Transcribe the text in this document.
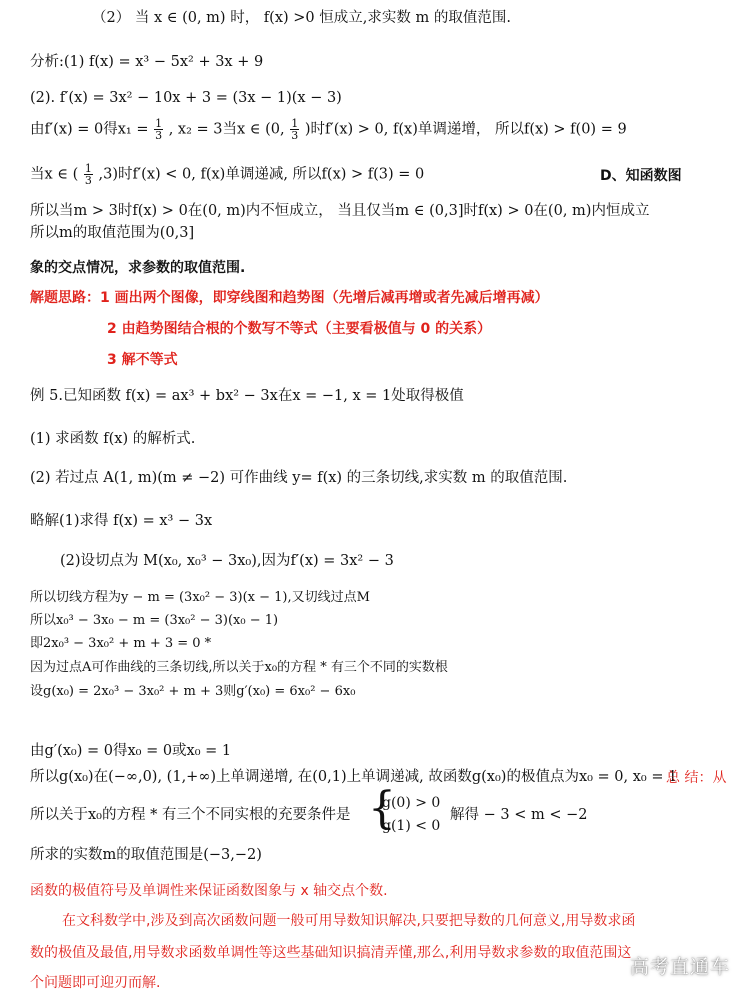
（2） 当 x ∈ (0, m) 时， f(x) >0 恒成立,求实数 m 的取值范围.
分析:(1) f(x) = x³ − 5x² + 3x + 9
(2). f′(x) = 3x² − 10x + 3 = (3x − 1)(x − 3)
由f′(x) = 0得$x_1 = \frac{1}{3}$ , x₂ = 3当x ∈ (0, $\frac{1}{3}$ )时f′(x) > 0, f(x)单调递增， 所以f(x) > f(0) = 9
当x ∈ ( $\frac{1}{3} ,3$)时f′(x) < 0, f(x)单调递减, 所以f(x) > f(3) = 0	D、知函数图
所以当m > 3时f(x) > 0在(0, m)内不恒成立， 当且仅当m ∈ (0,3]时f(x) > 0在(0, m)内恒成立
所以m的取值范围为(0,3]
象的交点情况，求参数的取值范围.
解题思路：1 画出两个图像，即穿线图和趋势图（先增后减再增或者先减后增再减）
2 由趋势图结合根的个数写不等式（主要看极值与 0 的关系）
3 解不等式
例 5.已知函数 f(x) = ax³ + bx² − 3x在x = −1, x = 1处取得极值
(1) 求函数 f(x) 的解析式.
(2) 若过点 A(1, m)(m ≠ −2) 可作曲线 y= f(x) 的三条切线,求实数 m 的取值范围.
略解(1)求得 f(x) = x³ − 3x
(2)设切点为 M(x₀, x₀³ − 3x₀),因为f′(x) = 3x² − 3
所以切线方程为y − m = (3x₀² − 3)(x − 1),又切线过点M
所以x₀³ − 3x₀ − m = (3x₀² − 3)(x₀ − 1)
即2x₀³ − 3x₀² + m + 3 = 0 *
因为过点A可作曲线的三条切线,所以关于x₀的方程 * 有三个不同的实数根
设g(x₀) = 2x₀³ − 3x₀² + m + 3则g′(x₀) = 6x₀² − 6x₀
由g′(x₀) = 0得x₀ = 0或x₀ = 1
所以g(x₀)在(−∞,0), (1,+∞)上单调递增, 在(0,1)上单调递减, 故函数g(x₀)的极值点为x₀ = 0, x₀ = 1
总 结：从
所以关于x₀的方程 * 有三个不同实根的充要条件是 {
g(0) > 0
g(1) < 0
解得 − 3 < m < −2
所求的实数m的取值范围是(−3,−2)
函数的极值符号及单调性来保证函数图象与 x 轴交点个数.
在文科数学中,涉及到高次函数问题一般可用导数知识解决,只要把导数的几何意义,用导数求函
数的极值及最值,用导数求函数单调性等这些基础知识搞清弄懂,那么,利用导数求参数的取值范围这
个问题即可迎刃而解.
高考直通车
